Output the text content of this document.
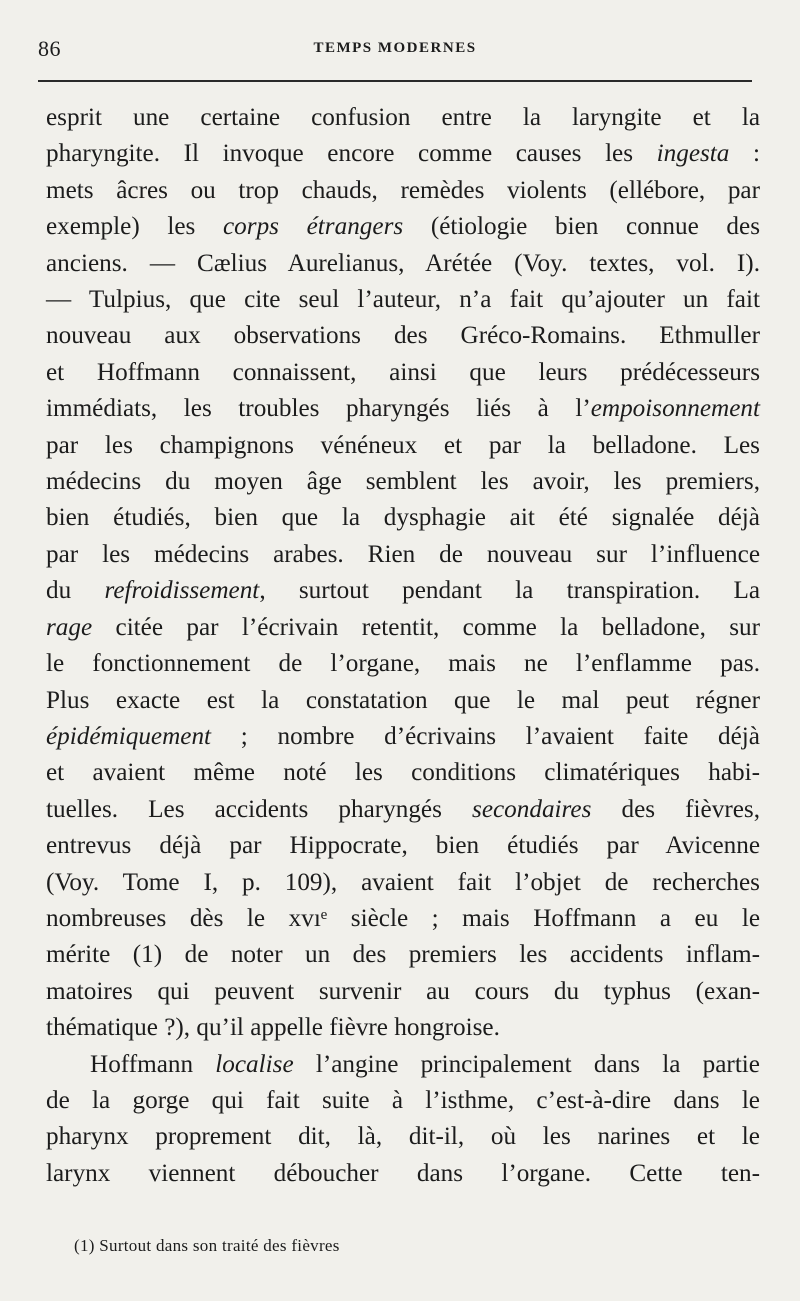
86	TEMPS MODERNES
esprit une certaine confusion entre la laryngite et la
pharyngite. Il invoque encore comme causes les ingesta :
mets âcres ou trop chauds, remèdes violents (ellébore, par
exemple) les corps étrangers (étiologie bien connue des
anciens. — Cælius Aurelianus, Arétée (Voy. textes, vol. I).
— Tulpius, que cite seul l’auteur, n’a fait qu’ajouter un fait
nouveau aux observations des Gréco-Romains. Ethmuller
et Hoffmann connaissent, ainsi que leurs prédécesseurs
immédiats, les troubles pharyngés liés à l’empoisonnement
par les champignons vénéneux et par la belladone. Les
médecins du moyen âge semblent les avoir, les premiers,
bien étudiés, bien que la dysphagie ait été signalée déjà
par les médecins arabes. Rien de nouveau sur l’influence
du refroidissement, surtout pendant la transpiration. La
rage citée par l’écrivain retentit, comme la belladone, sur
le fonctionnement de l’organe, mais ne l’enflamme pas.
Plus exacte est la constatation que le mal peut régner
épidémiquement ; nombre d’écrivains l’avaient faite déjà
et avaient même noté les conditions climatériques habi-
tuelles. Les accidents pharyngés secondaires des fièvres,
entrevus déjà par Hippocrate, bien étudiés par Avicenne
(Voy. Tome I, p. 109), avaient fait l’objet de recherches
nombreuses dès le xvıᵉ siècle ; mais Hoffmann a eu le
mérite (1) de noter un des premiers les accidents inflam-
matoires qui peuvent survenir au cours du typhus (exan-
thématique ?), qu’il appelle fièvre hongroise.
Hoffmann localise l’angine principalement dans la partie
de la gorge qui fait suite à l’isthme, c’est-à-dire dans le
pharynx proprement dit, là, dit-il, où les narines et le
larynx viennent déboucher dans l’organe. Cette ten-
(1) Surtout dans son traité des fièvres
